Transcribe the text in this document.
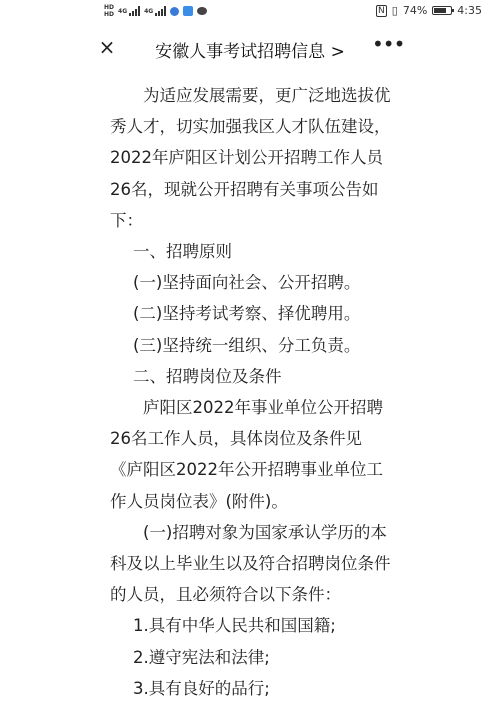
HD
HD 4G	4G	N ▯ 74%	4:35
×	安徽人事考试招聘信息 >	•••

为适应发展需要，更广泛地选拔优秀人才，切实加强我区人才队伍建设，2022年庐阳区计划公开招聘工作人员26名，现就公开招聘有关事项公告如下：

一、招聘原则

(一)坚持面向社会、公开招聘。

(二)坚持考试考察、择优聘用。

(三)坚持统一组织、分工负责。

二、招聘岗位及条件

庐阳区2022年事业单位公开招聘26名工作人员，具体岗位及条件见《庐阳区2022年公开招聘事业单位工作人员岗位表》(附件)。

(一)招聘对象为国家承认学历的本科及以上毕业生以及符合招聘岗位条件的人员，且必须符合以下条件：

1.具有中华人民共和国国籍;

2.遵守宪法和法律;

3.具有良好的品行;
